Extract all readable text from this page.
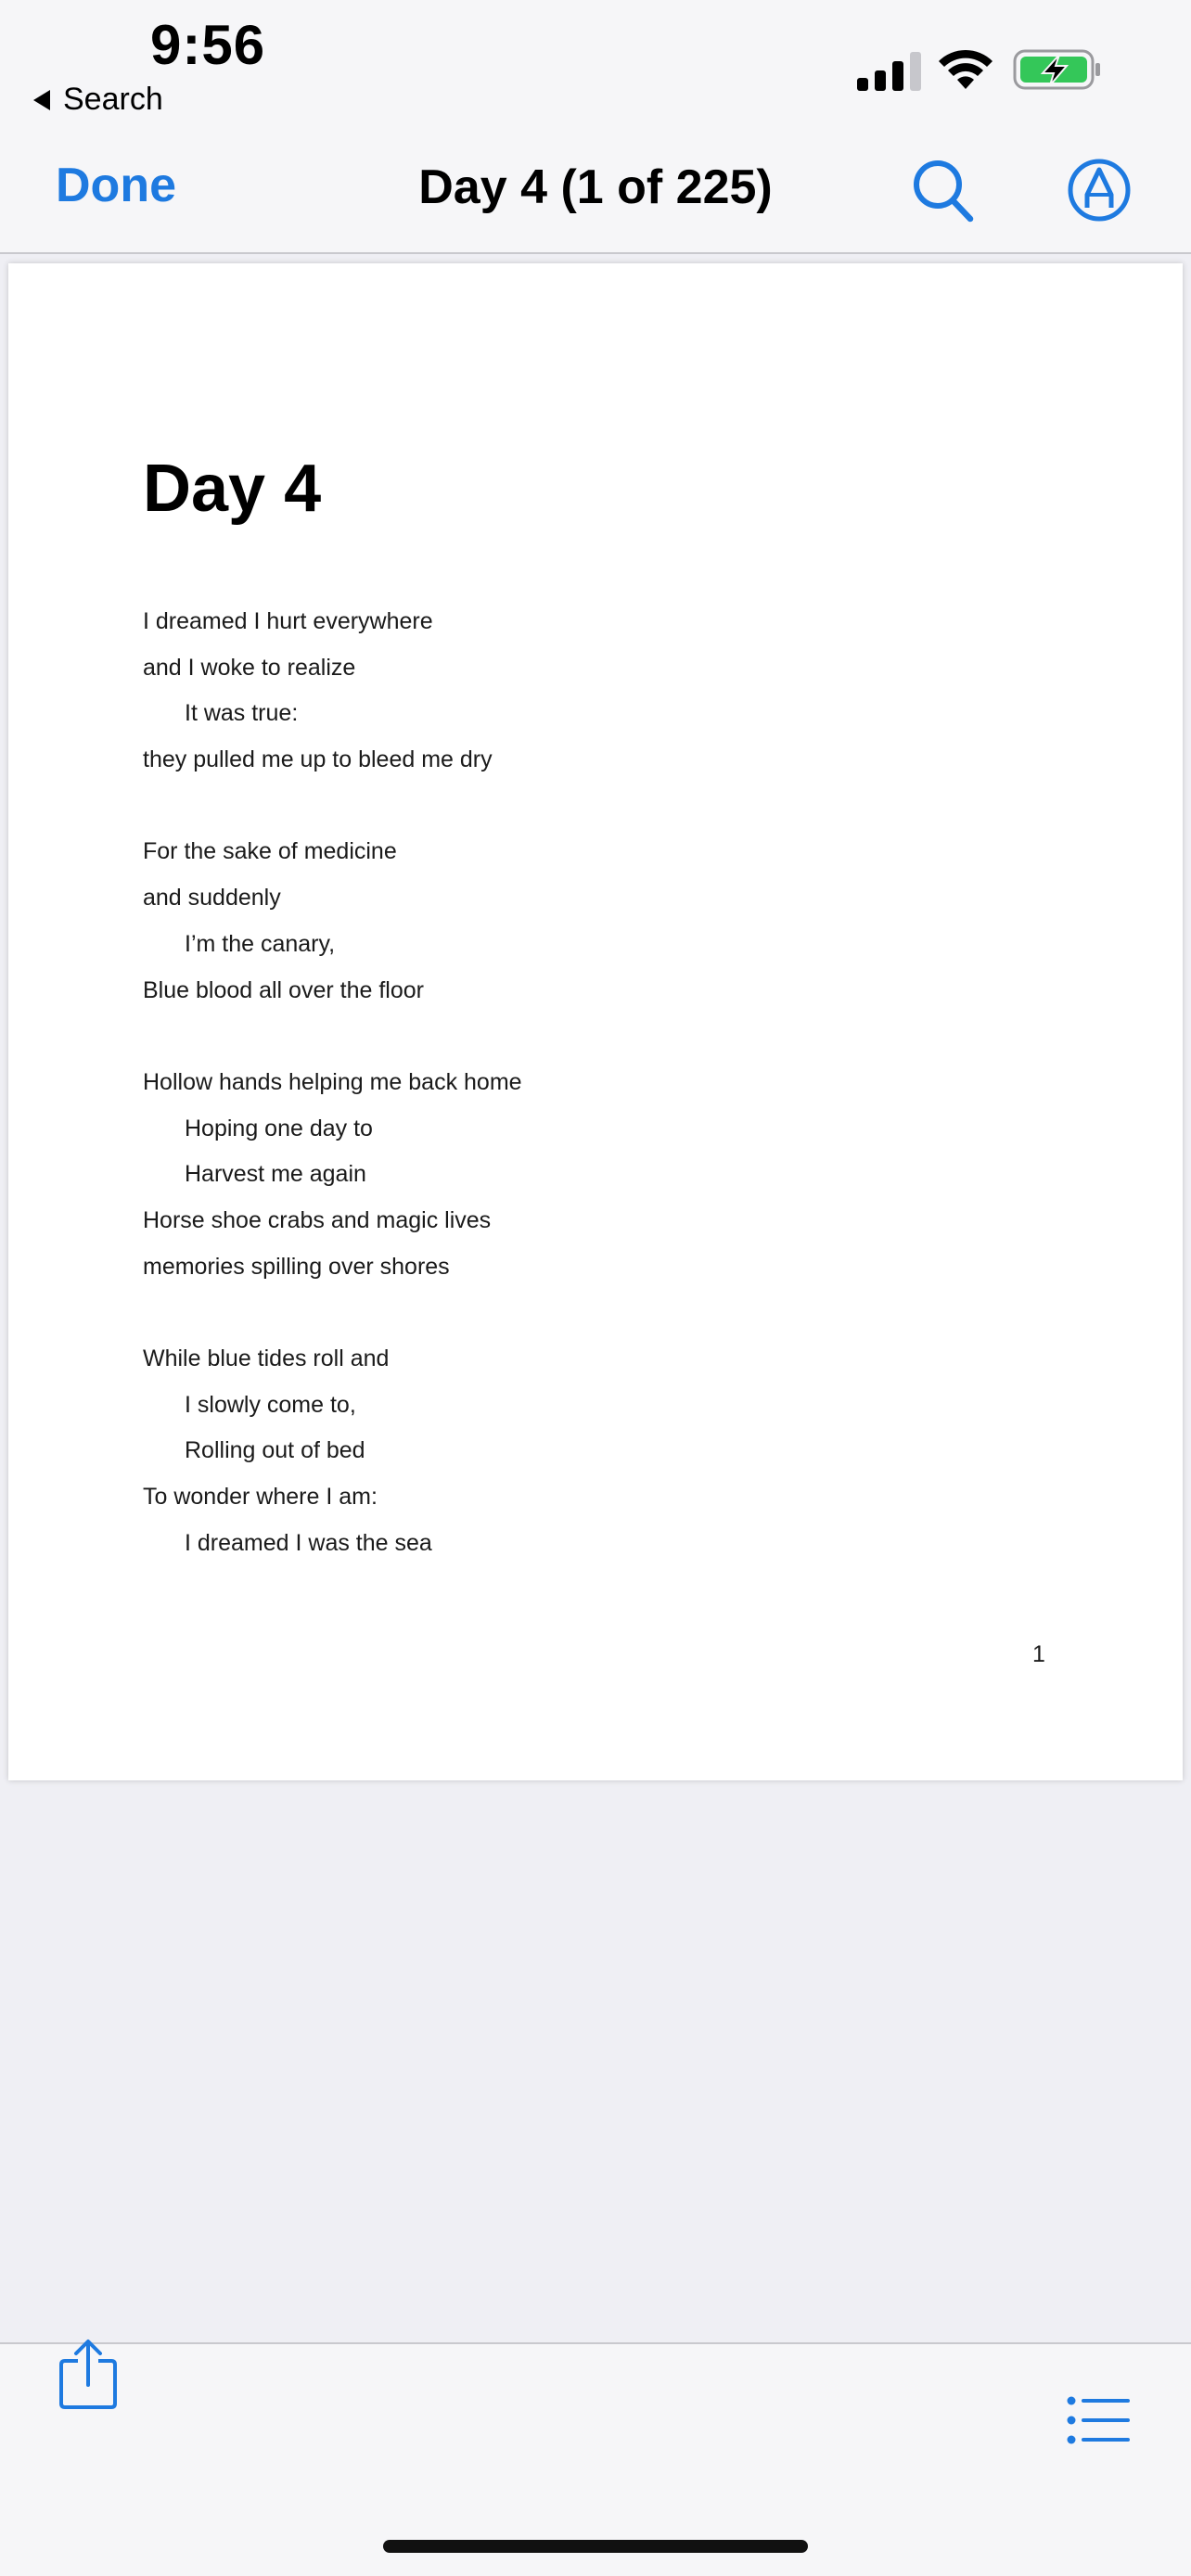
9:56
Search
Done	Day 4 (1 of 225)
Day 4
I dreamed I hurt everywhere
and I woke to realize
It was true:
they pulled me up to bleed me dry
For the sake of medicine
and suddenly
I’m the canary,
Blue blood all over the floor
Hollow hands helping me back home
Hoping one day to
Harvest me again
Horse shoe crabs and magic lives
memories spilling over shores
While blue tides roll and
I slowly come to,
Rolling out of bed
To wonder where I am:
I dreamed I was the sea
1
